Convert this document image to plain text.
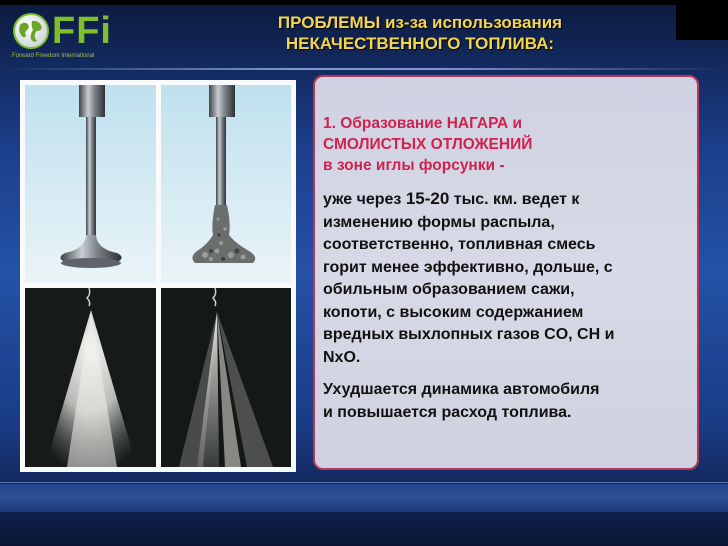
FFi
Forward Freedom International
ПРОБЛЕМЫ из-за использования
НЕКАЧЕСТВЕННОГО ТОПЛИВА:
1. Образование НАГАРА и
СМОЛИСТЫХ ОТЛОЖЕНИЙ
в зоне иглы форсунки -
уже через 15-20 тыс. км. ведет к
изменению формы распыла,
соответственно, топливная смесь
горит менее эффективно, дольше, с
обильным образованием сажи,
копоти, с высоким содержанием
вредных выхлопных газов CO, CH и
NxO.
Ухудшается динамика автомобиля
и повышается расход топлива.
